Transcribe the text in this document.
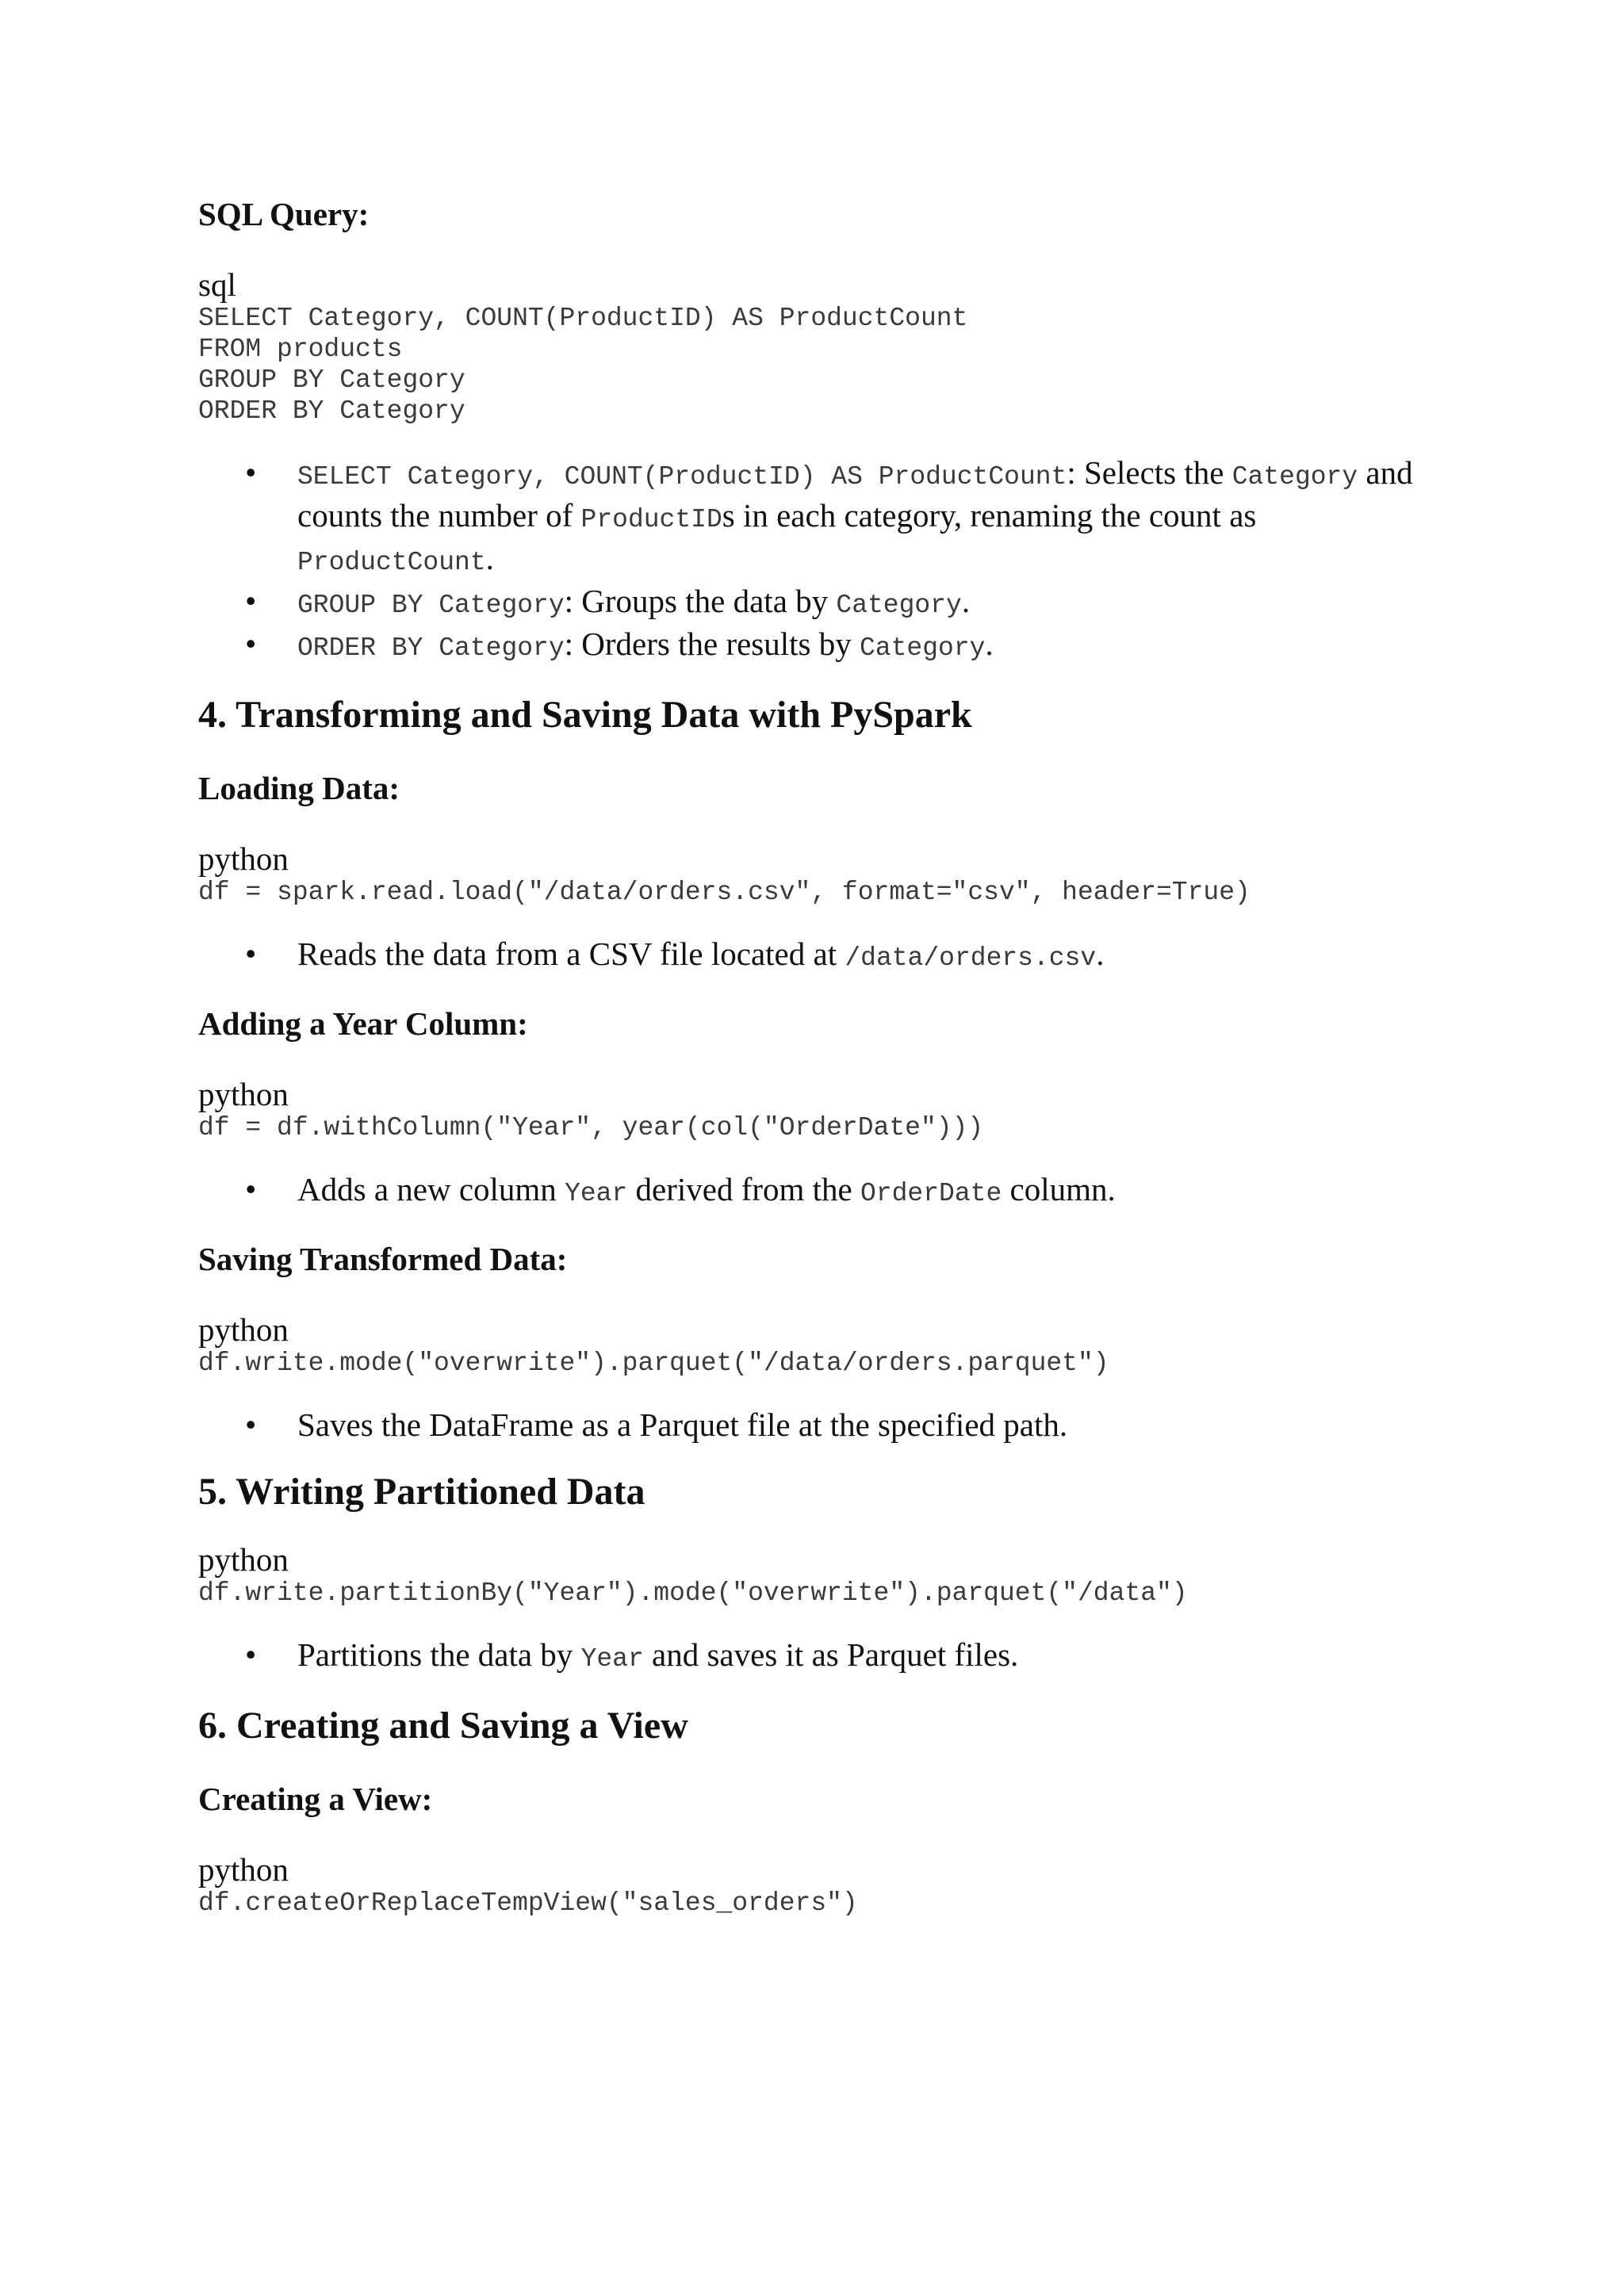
SQL Query:
sql
SELECT Category, COUNT(ProductID) AS ProductCount
FROM products
GROUP BY Category
ORDER BY Category
• SELECT Category, COUNT(ProductID) AS ProductCount: Selects the Category and counts the number of ProductIDs in each category, renaming the count as ProductCount.
• GROUP BY Category: Groups the data by Category.
• ORDER BY Category: Orders the results by Category.
4. Transforming and Saving Data with PySpark
Loading Data:
python
df = spark.read.load("/data/orders.csv", format="csv", header=True)
• Reads the data from a CSV file located at /data/orders.csv.
Adding a Year Column:
python
df = df.withColumn("Year", year(col("OrderDate")))
• Adds a new column Year derived from the OrderDate column.
Saving Transformed Data:
python
df.write.mode("overwrite").parquet("/data/orders.parquet")
• Saves the DataFrame as a Parquet file at the specified path.
5. Writing Partitioned Data
python
df.write.partitionBy("Year").mode("overwrite").parquet("/data")
• Partitions the data by Year and saves it as Parquet files.
6. Creating and Saving a View
Creating a View:
python
df.createOrReplaceTempView("sales_orders")
